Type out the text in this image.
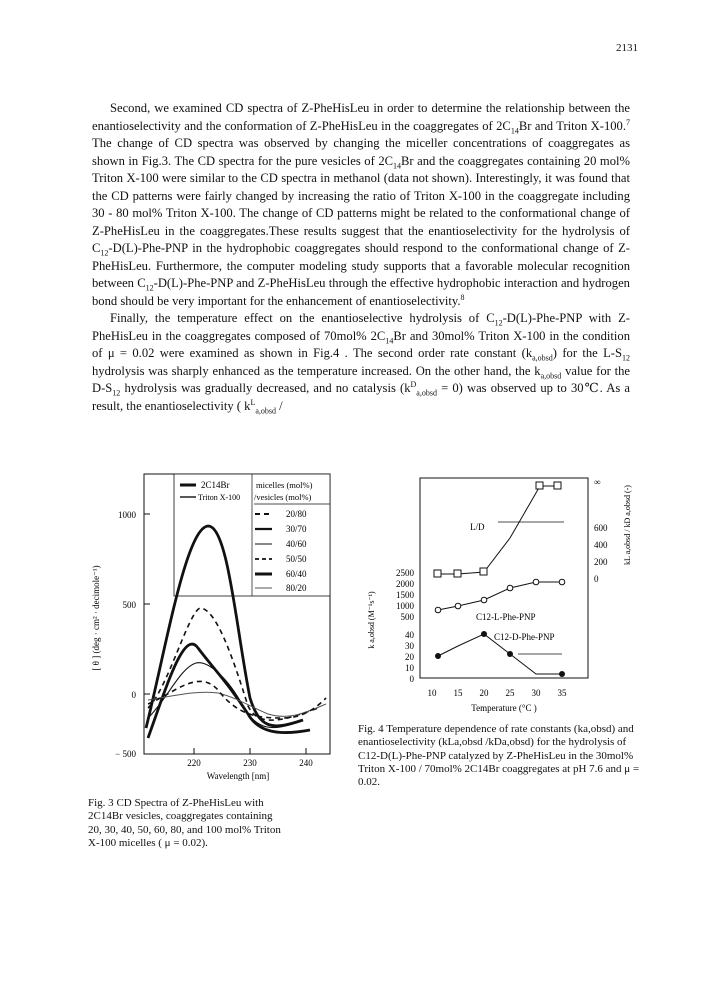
2131

Second, we examined CD spectra of Z-PheHisLeu in order to determine the relationship between the enantioselectivity and the conformation of Z-PheHisLeu in the coaggregates of $2C_{14}Br$ and Triton X-100.$^7$ The change of CD spectra was observed by changing the miceller concentrations of coaggregates as shown in Fig.3. The CD spectra for the pure vesicles of $2C_{14}Br$ and the coaggregates containing 20 mol% Triton X-100 were similar to the CD spectra in methanol (data not shown). Interestingly, it was found that the CD patterns were fairly changed by increasing the ratio of Triton X-100 in the coaggregate including 30 - 80 mol% Triton X-100. The change of CD patterns might be related to the conformational change of Z-PheHisLeu in the coaggregates.These results suggest that the enantioselectivity for the hydrolysis of $C_{12}-D(L)-Phe$-PNP in the hydrophobic coaggregates should respond to the conformational change of Z-PheHisLeu. Furthermore, the computer modeling study supports that a favorable molecular recognition between $C_{12}-D(L)-Phe$-PNP and Z-PheHisLeu through the effective hydrophobic interaction and hydrogen bond should be very important for the enhancement of enantioselectivity.$^8$

Finally, the temperature effect on the enantioselective hydrolysis of $C_{12}-D(L)-Phe$-PNP with Z-PheHisLeu in the coaggregates composed of 70mol% $2C_{14}Br$ and 30mol% Triton X-100 in the condition of μ = 0.02 were examined as shown in Fig.4 . The second order rate constant $(k_{a,obsd})$ for the $L-S_{12}$ hydrolysis was sharply enhanced as the temperature increased. On the other hand, the $k_{a,obsd}$ value for the $D-S_{12}$ hydrolysis was gradually decreased, and no catalysis $(k^D_{a,obsd} = 0)$ was observed up to 30℃. As a result, the enantioselectivity ( $k^L_{a,obsd}$ /

2C14Br
Triton X-100
micelles (mol%)
/vesicles (mol%)
20/80
30/70
40/60
50/50
60/40
80/20
1000
500
0
− 500
220	230	240
Wavelength [nm]
[ θ ] (deg · cm² · decimole⁻¹)
Fig. 3 CD Spectra of Z-PheHisLeu with 2C14Br vesicles, coaggregates containing 20, 30, 40, 50, 60, 80, and 100 mol% Triton X-100 micelles ( μ = 0.02).
∞
600
400
200
0
kL a,obsd / kD a,obsd (-)
2500
2000
1500
1000
500
40
30
20
10
0
k a,obsd (M⁻¹s⁻¹)
10 15 20 25 30 35
Temperature (°C )
L/D
C12-L-Phe-PNP
C12-D-Phe-PNP
Fig. 4 Temperature dependence of rate constants (ka,obsd) and enantioselectivity (kLa,obsd /kDa,obsd) for the hydrolysis of C12-D(L)-Phe-PNP catalyzed by Z-PheHisLeu in the 30mol% Triton X-100 / 70mol% 2C14Br coaggregates at pH 7.6 and μ = 0.02.
